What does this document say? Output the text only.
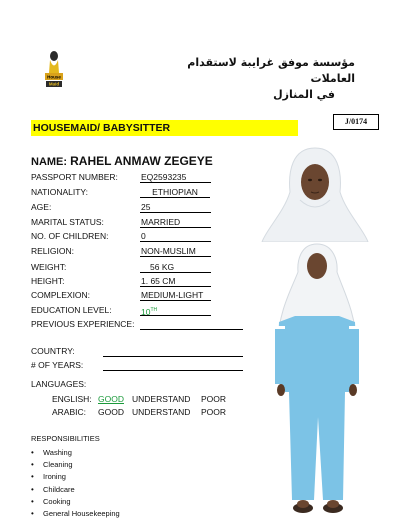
House
Maid
مؤسسة موفق غرايبة لاستقدام العاملات
في المنازل
J/0174
HOUSEMAID/ BABYSITTER
NAME: RAHEL ANMAW ZEGEYE
PASSPORT NUMBER:	EQ2593235
NATIONALITY:	ETHIOPIAN
AGE:	25
MARITAL STATUS:	MARRIED
NO. OF CHILDREN:	0
RELIGION:	NON-MUSLIM
WEIGHT:	56 KG
HEIGHT:	1. 65 CM
COMPLEXION:	MEDIUM-LIGHT
EDUCATION LEVEL:	10TH
PREVIOUS EXPERIENCE:
COUNTRY:
# OF YEARS:
LANGUAGES:
ENGLISH: GOOD UNDERSTAND POOR
ARABIC: GOOD UNDERSTAND POOR
RESPONSIBILITIES
• Washing
• Cleaning
• Ironing
• Childcare
• Cooking
• General Housekeeping
